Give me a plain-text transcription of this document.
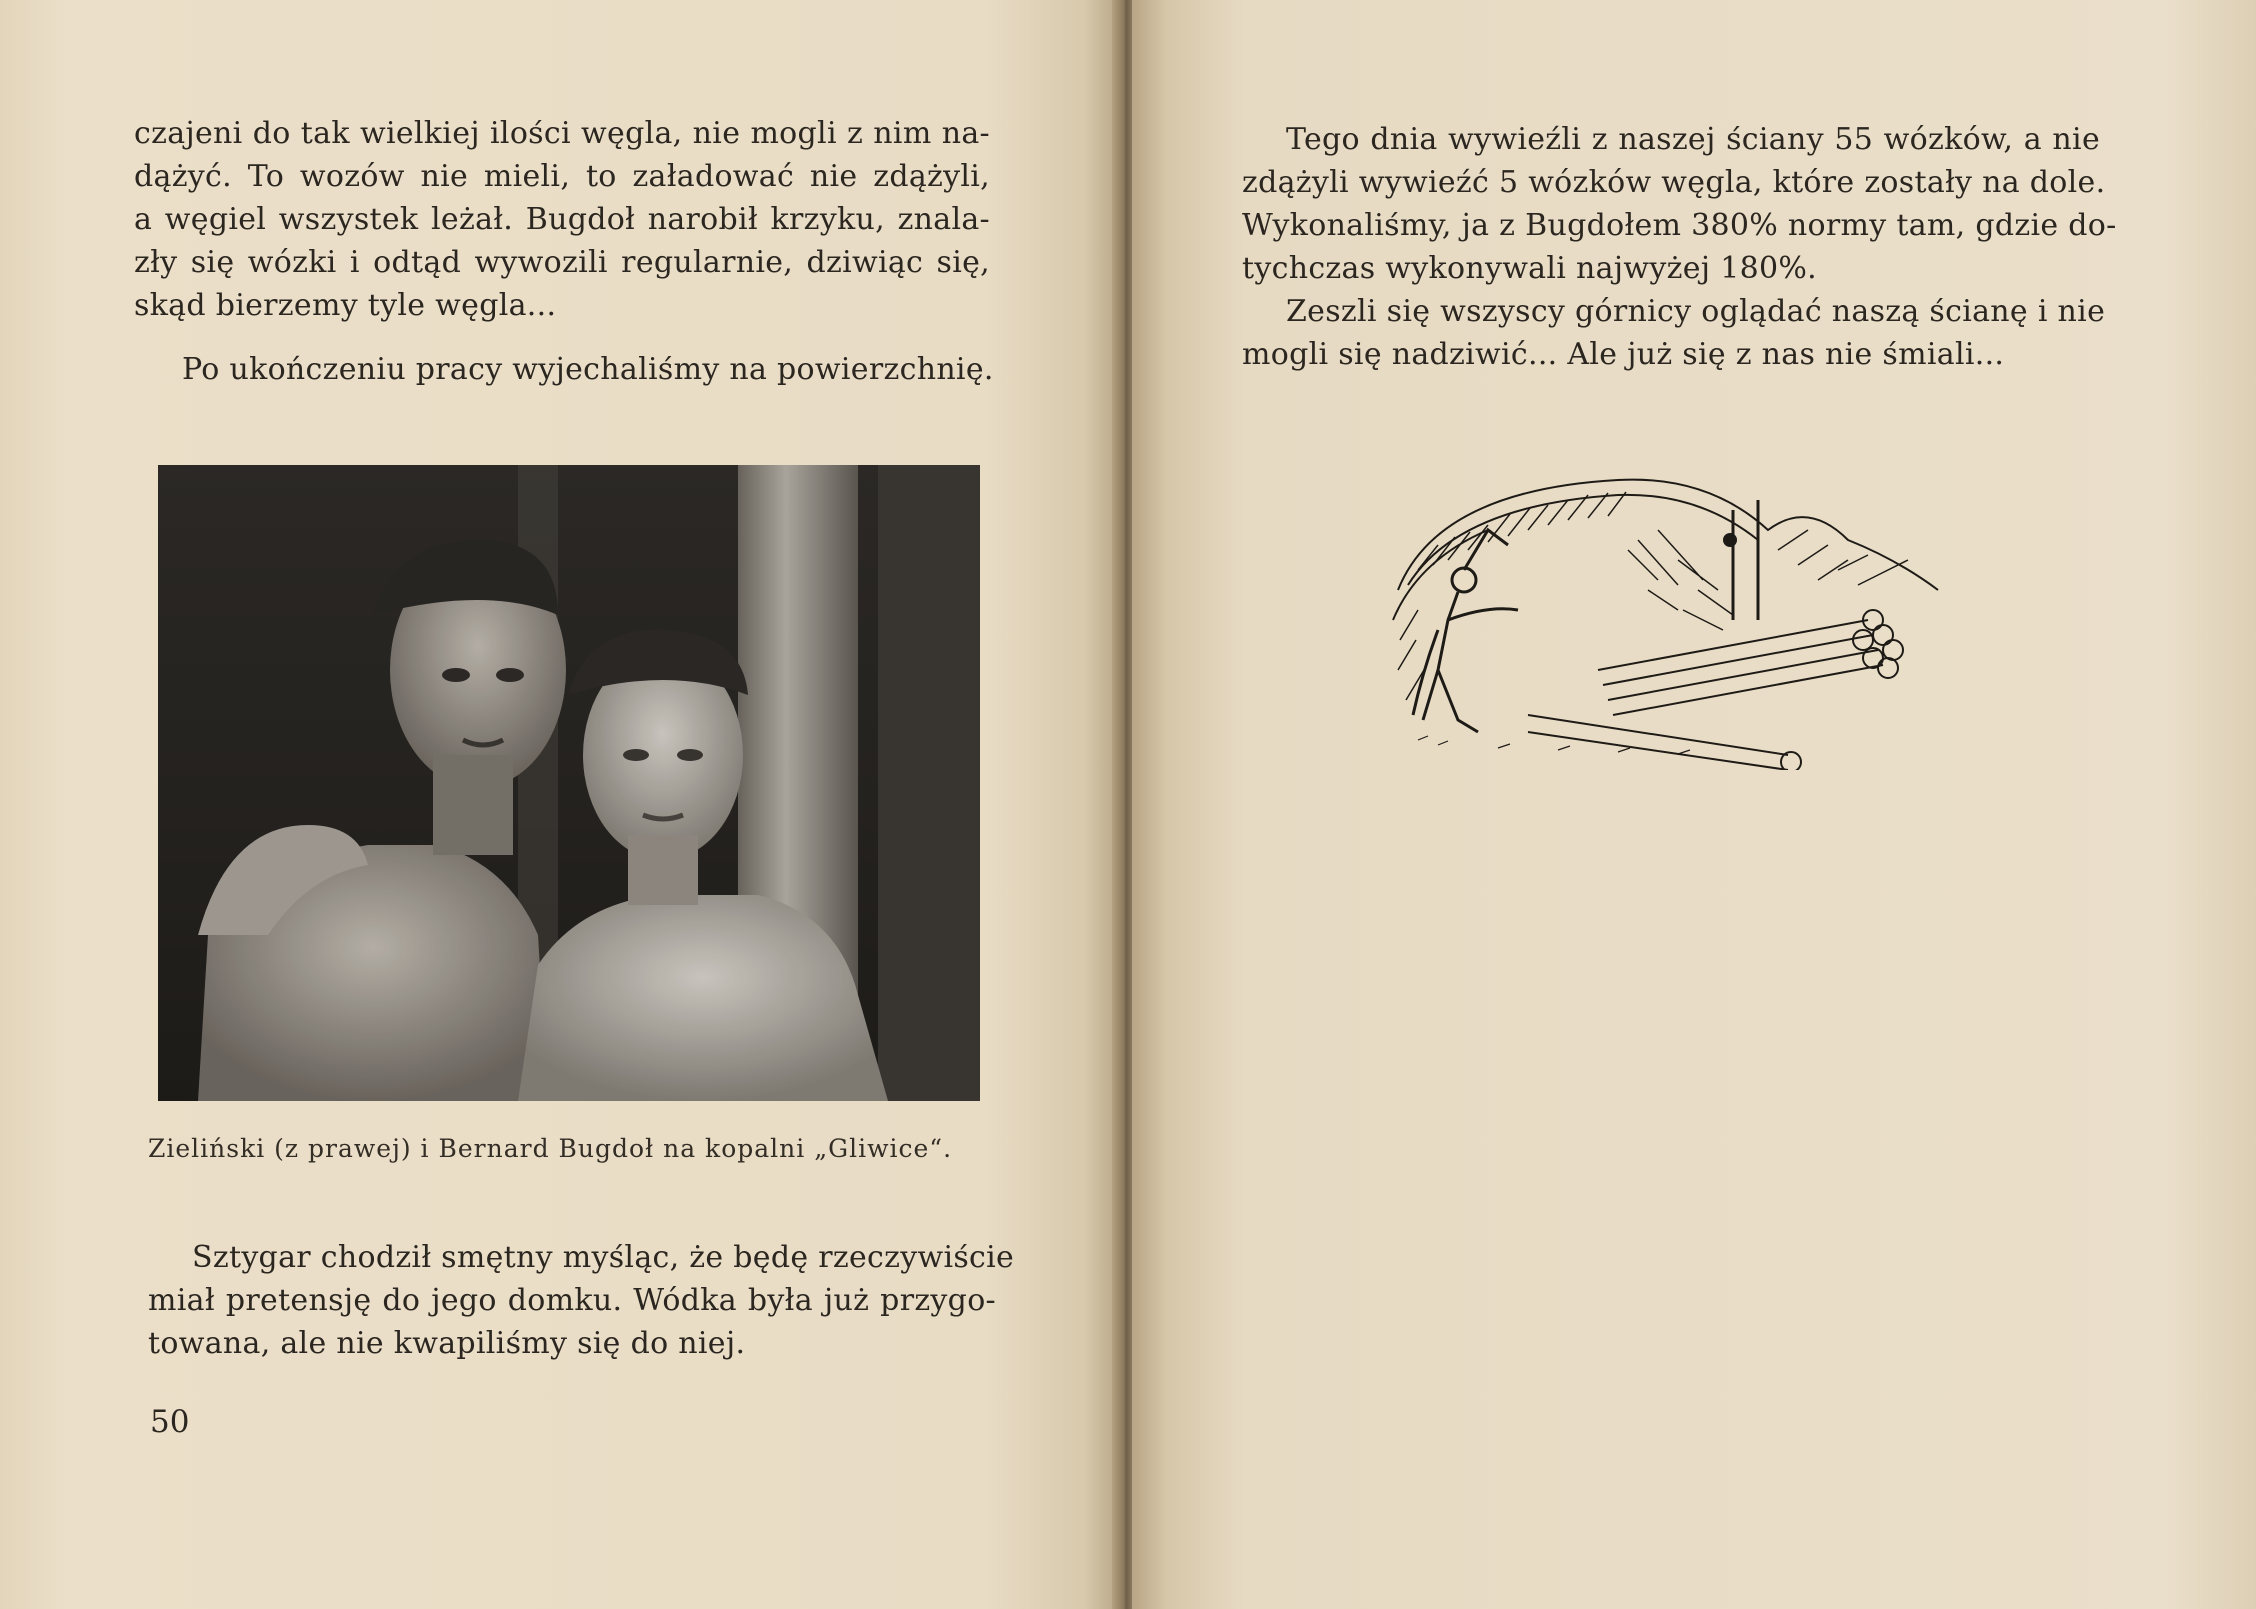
czajeni do tak wielkiej ilości węgla, nie mogli z nim na-
dążyć. To wozów nie mieli, to załadować nie zdążyli,
a węgiel wszystek leżał. Bugdoł narobił krzyku, znala-
zły się wózki i odtąd wywozili regularnie, dziwiąc się,
skąd bierzemy tyle węgla...
Po ukończeniu pracy wyjechaliśmy na powierzchnię.
Zieliński (z prawej) i Bernard Bugdoł na kopalni „Gliwice“.
Sztygar chodził smętny myśląc, że będę rzeczywiście
miał pretensję do jego domku. Wódka była już przygo-
towana, ale nie kwapiliśmy się do niej.
50
Tego dnia wywieźli z naszej ściany 55 wózków, a nie
zdążyli wywieźć 5 wózków węgla, które zostały na dole.
Wykonaliśmy, ja z Bugdołem 380% normy tam, gdzie do-
tychczas wykonywali najwyżej 180%.
Zeszli się wszyscy górnicy oglądać naszą ścianę i nie
mogli się nadziwić... Ale już się z nas nie śmiali...
